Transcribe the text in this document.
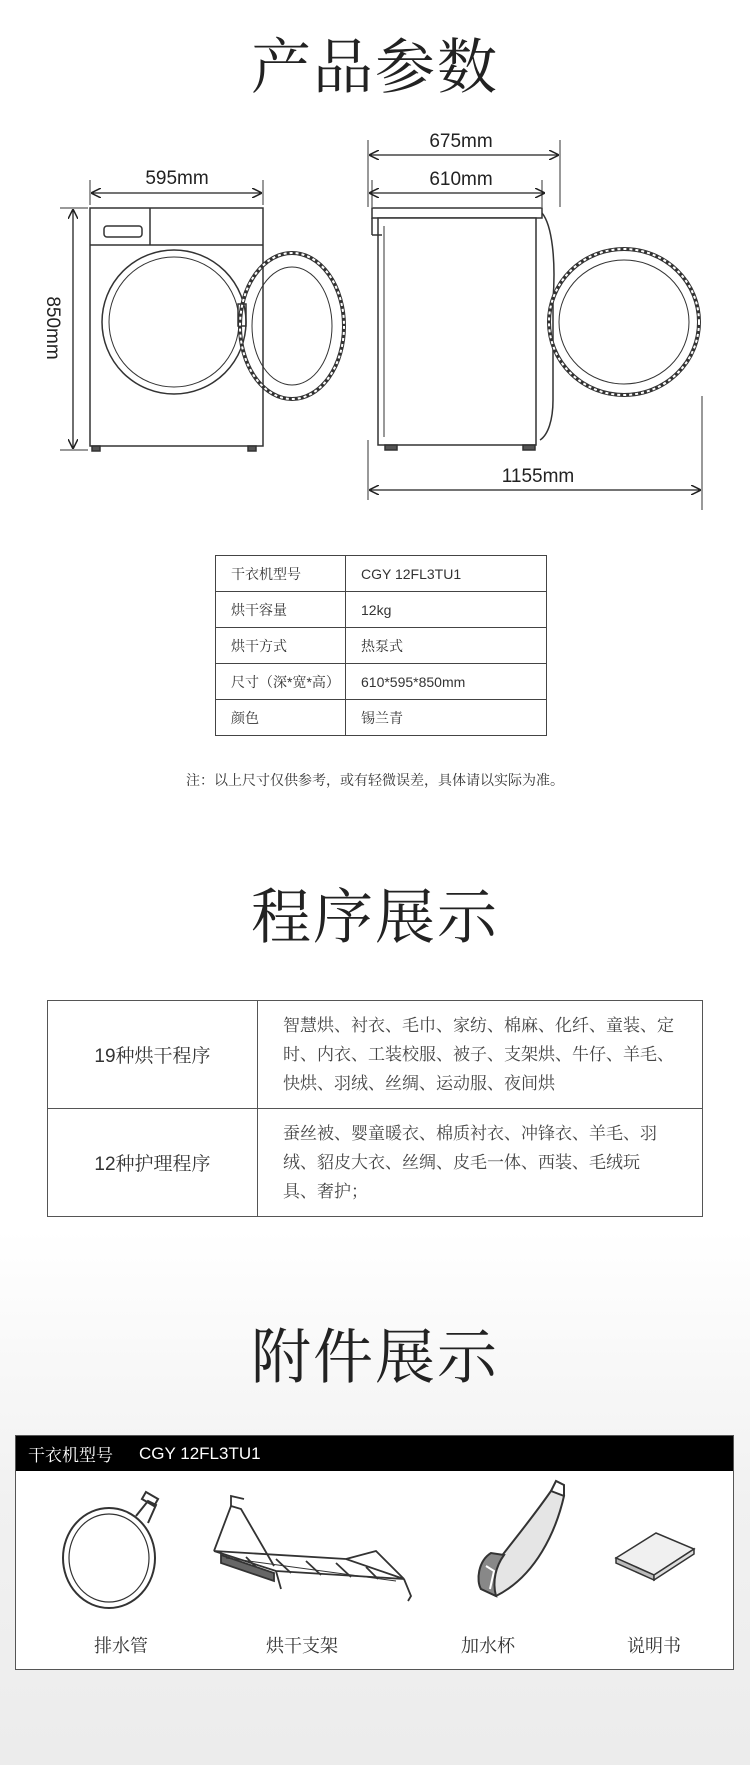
产品参数
595mm
850mm
675mm
610mm
1155mm
干衣机型号	CGY 12FL3TU1
烘干容量	12kg
烘干方式	热泵式
尺寸（深*宽*高）	610*595*850mm
颜色	锡兰青
注：以上尺寸仅供参考，或有轻微误差，具体请以实际为准。
程序展示
19种烘干程序	智慧烘、衬衣、毛巾、家纺、棉麻、化纤、童装、定
时、内衣、工装校服、被子、支架烘、牛仔、羊毛、
快烘、羽绒、丝绸、运动服、夜间烘

12种护理程序	蚕丝被、婴童暖衣、棉质衬衣、冲锋衣、羊毛、羽
绒、貂皮大衣、丝绸、皮毛一体、西装、毛绒玩
具、奢护；
附件展示
干衣机型号 CGY 12FL3TU1
排水管	烘干支架	加水杯	说明书
